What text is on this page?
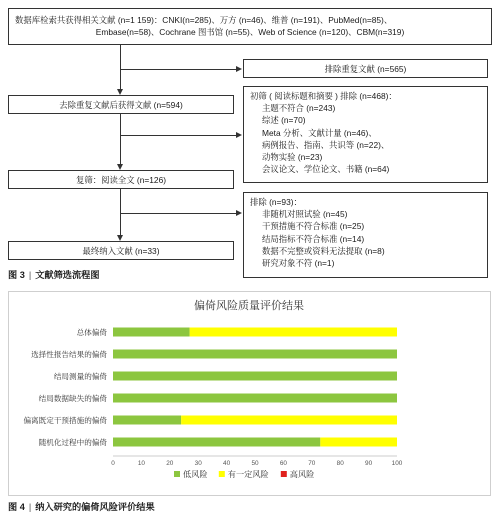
数据库检索共获得相关文献 (n=1 159)：CNKI(n=285)、万方 (n=46)、维普 (n=191)、PubMed(n=85)、
Embase(n=58)、Cochrane 图书馆 (n=55)、Web of Science (n=120)、CBM(n=319)
排除重复文献 (n=565)
去除重复文献后获得文献 (n=594)
初筛 ( 阅读标题和摘要 ) 排除 (n=468)：
主题不符合 (n=243)
综述 (n=70)
Meta 分析、文献计量 (n=46)、
病例报告、指南、共识等 (n=22)、
动物实验 (n=23)
会议论文、学位论文、书籍 (n=64)
复筛：阅读全文 (n=126)
排除 (n=93)：
非随机对照试验 (n=45)
干预措施不符合标准 (n=25)
结局指标不符合标准 (n=14)
数据不完整或资料无法提取 (n=8)
研究对象不符 (n=1)
最终纳入文献 (n=33)
图 3 | 文献筛选流程图
偏倚风险质量评价结果
总体偏倚
选择性报告结果的偏倚
结局测量的偏倚
结局数据缺失的偏倚
偏离既定干预措施的偏倚
随机化过程中的偏倚
0	10	20	30	40	50	60	70	80	90	100
低风险 有一定风险	高风险
图 4 | 纳入研究的偏倚风险评价结果
